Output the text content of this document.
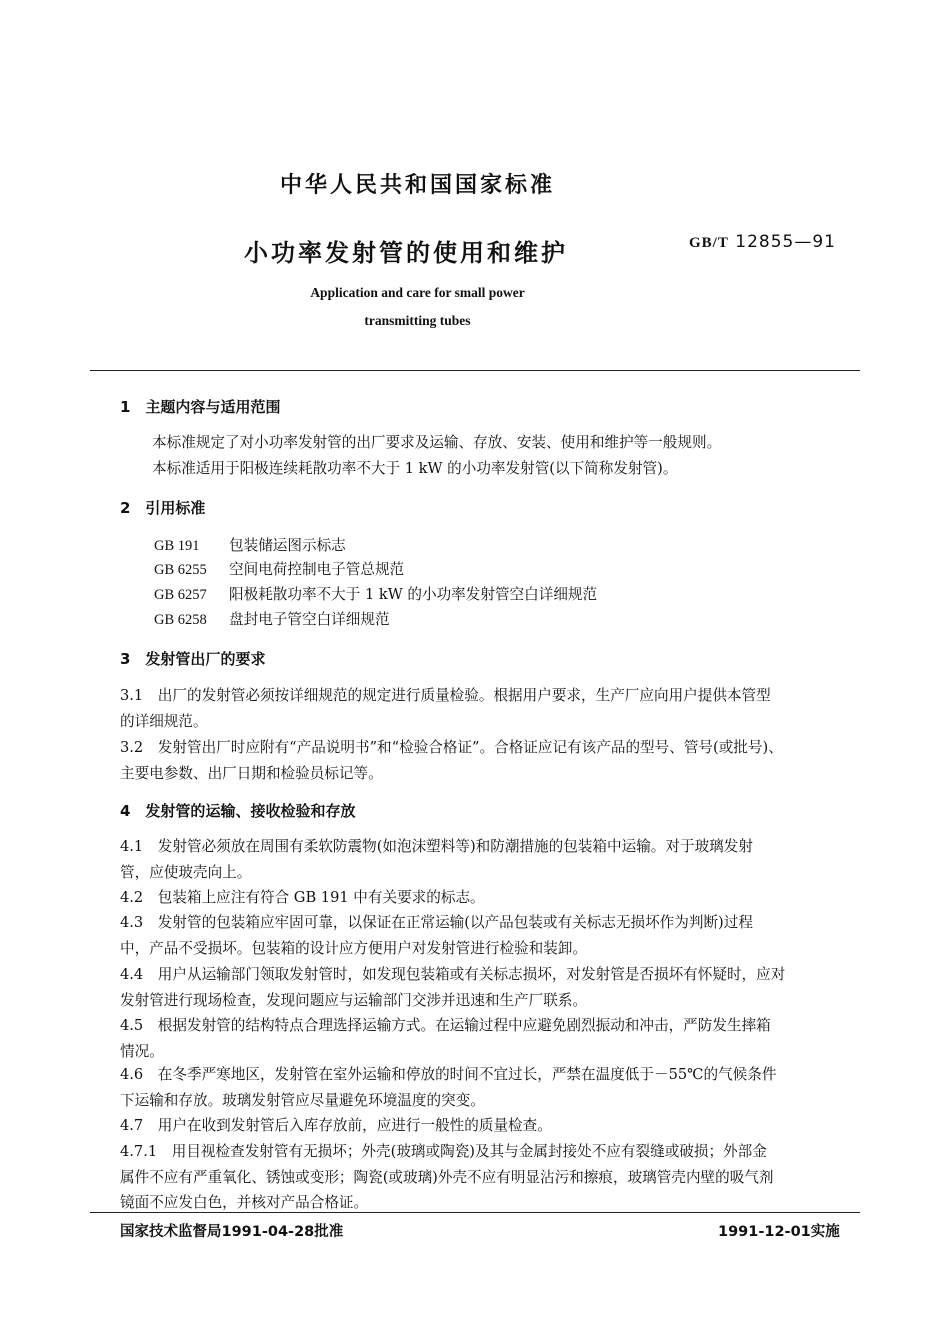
中华人民共和国国家标准
小功率发射管的使用和维护	GB/T 12855—91
Application and care for small power
transmitting tubes
1　主题内容与适用范围
本标准规定了对小功率发射管的出厂要求及运输、存放、安装、使用和维护等一般规则。
本标准适用于阳极连续耗散功率不大于 1 kW 的小功率发射管(以下简称发射管)。
2　引用标准
GB 191 包装储运图示标志
GB 6255 空间电荷控制电子管总规范
GB 6257 阳极耗散功率不大于 1 kW 的小功率发射管空白详细规范
GB 6258 盘封电子管空白详细规范
3　发射管出厂的要求
3.1　出厂的发射管必须按详细规范的规定进行质量检验。根据用户要求，生产厂应向用户提供本管型
的详细规范。
3.2　发射管出厂时应附有“产品说明书”和“检验合格证”。合格证应记有该产品的型号、管号(或批号)、
主要电参数、出厂日期和检验员标记等。
4　发射管的运输、接收检验和存放
4.1　发射管必须放在周围有柔软防震物(如泡沫塑料等)和防潮措施的包装箱中运输。对于玻璃发射
管，应使玻壳向上。
4.2　包装箱上应注有符合 GB 191 中有关要求的标志。
4.3　发射管的包装箱应牢固可靠，以保证在正常运输(以产品包装或有关标志无损坏作为判断)过程
中，产品不受损坏。包装箱的设计应方便用户对发射管进行检验和装卸。
4.4　用户从运输部门领取发射管时，如发现包装箱或有关标志损坏，对发射管是否损坏有怀疑时，应对
发射管进行现场检查，发现问题应与运输部门交涉并迅速和生产厂联系。
4.5　根据发射管的结构特点合理选择运输方式。在运输过程中应避免剧烈振动和冲击，严防发生摔箱
情况。
4.6　在冬季严寒地区，发射管在室外运输和停放的时间不宜过长，严禁在温度低于－55℃的气候条件
下运输和存放。玻璃发射管应尽量避免环境温度的突变。
4.7　用户在收到发射管后入库存放前，应进行一般性的质量检查。
4.7.1　用目视检查发射管有无损坏；外壳(玻璃或陶瓷)及其与金属封接处不应有裂缝或破损；外部金
属件不应有严重氧化、锈蚀或变形；陶瓷(或玻璃)外壳不应有明显沾污和擦痕，玻璃管壳内壁的吸气剂
镜面不应发白色，并核对产品合格证。
国家技术监督局1991-04-28批准	1991-12-01实施
